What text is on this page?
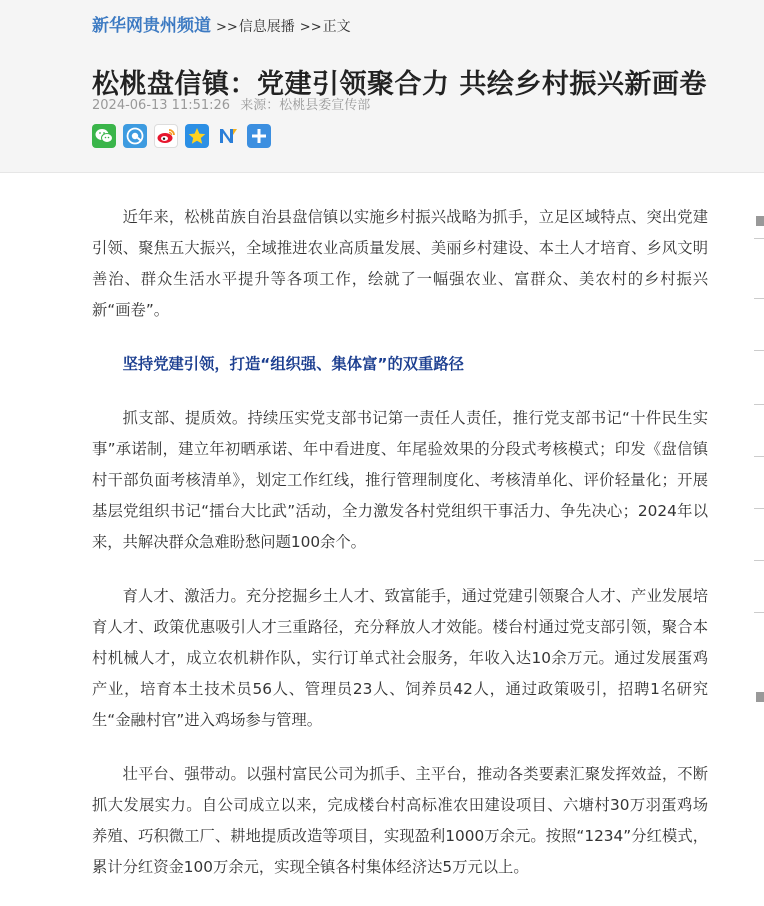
新华网贵州频道 >>信息展播 >>正文
松桃盘信镇：党建引领聚合力 共绘乡村振兴新画卷
2024-06-13 11:51:26 来源：松桃县委宣传部

近年来，松桃苗族自治县盘信镇以实施乡村振兴战略为抓手，立足区域特点、突出党建引领、聚焦五大振兴，全域推进农业高质量发展、美丽乡村建设、本土人才培育、乡风文明善治、群众生活水平提升等各项工作，绘就了一幅强农业、富群众、美农村的乡村振兴新“画卷”。

坚持党建引领，打造“组织强、集体富”的双重路径

抓支部、提质效。持续压实党支部书记第一责任人责任，推行党支部书记“十件民生实事”承诺制，建立年初晒承诺、年中看进度、年尾验效果的分段式考核模式；印发《盘信镇村干部负面考核清单》，划定工作红线，推行管理制度化、考核清单化、评价轻量化；开展基层党组织书记“擂台大比武”活动，全力激发各村党组织干事活力、争先决心；2024年以来，共解决群众急难盼愁问题100余个。

育人才、激活力。充分挖掘乡土人才、致富能手，通过党建引领聚合人才、产业发展培育人才、政策优惠吸引人才三重路径，充分释放人才效能。楼台村通过党支部引领，聚合本村机械人才，成立农机耕作队，实行订单式社会服务，年收入达10余万元。通过发展蛋鸡产业，培育本土技术员56人、管理员23人、饲养员42人，通过政策吸引，招聘1名研究生“金融村官”进入鸡场参与管理。

壮平台、强带动。以强村富民公司为抓手、主平台，推动各类要素汇聚发挥效益，不断抓大发展实力。自公司成立以来，完成楼台村高标准农田建设项目、六塘村30万羽蛋鸡场养殖、巧积微工厂、耕地提质改造等项目，实现盈利1000万余元。按照“1234”分红模式，累计分红资金100万余元，实现全镇各村集体经济达5万元以上。
